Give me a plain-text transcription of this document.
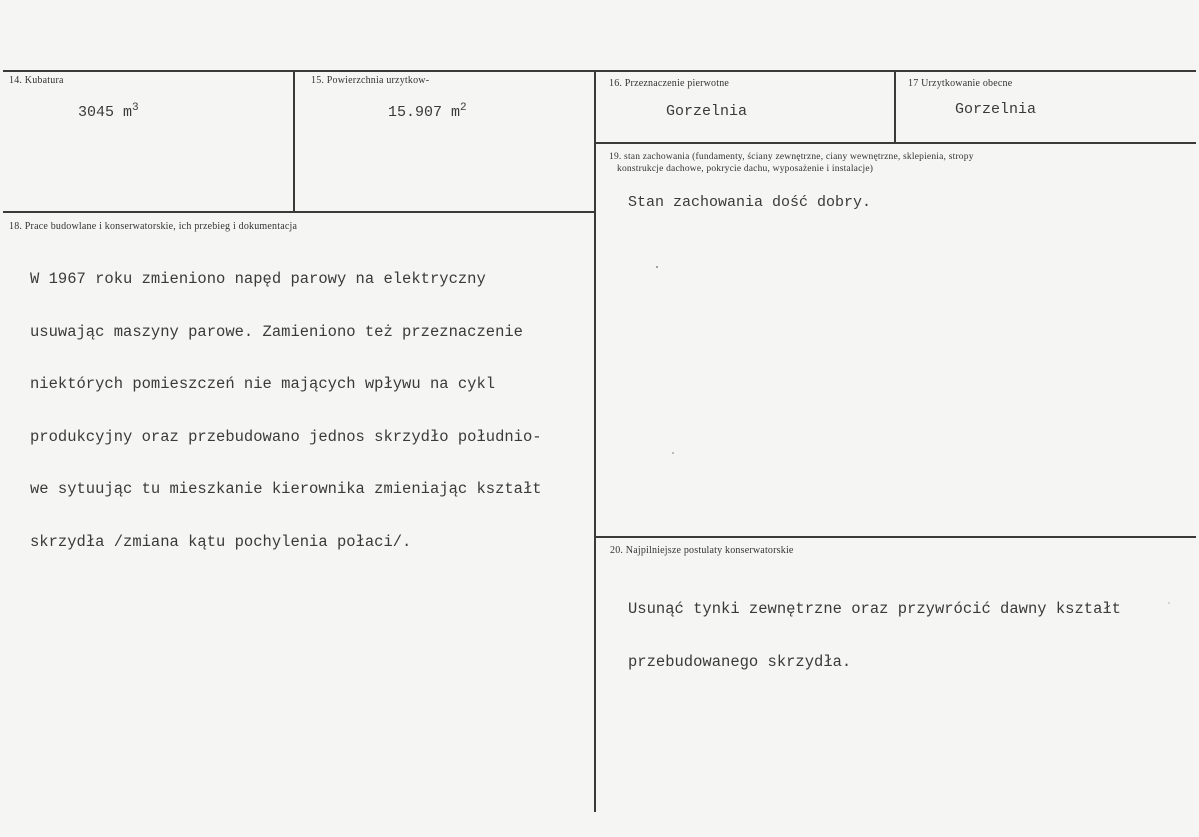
14. Kubatura
3045 $m^3$
15. Powierzchnia urzytkow-
15.907 $m^2$
16. Przeznaczenie pierwotne
Gorzelnia
17 Urzytkowanie obecne
Gorzelnia
19. stan zachowania (fundamenty, ściany zewnętrzne, ciany wewnętrzne, sklepienia, stropy
konstrukcje dachowe, pokrycie dachu, wyposażenie i instalacje)
Stan zachowania dość dobry.
18. Prace budowlane i konserwatorskie, ich przebieg i dokumentacja

W 1967 roku zmieniono napęd parowy na elektryczny

usuwając maszyny parowe. Zamieniono też przeznaczenie

niektórych pomieszczeń nie mających wpływu na cykl

produkcyjny oraz przebudowano jednos skrzydło południo-

we sytuując tu mieszkanie kierownika zmieniając kształt

skrzydła /zmiana kątu pochylenia połaci/.

	20. Najpilniejsze postulaty konserwatorskie

Usunąć tynki zewnętrzne oraz przywrócić dawny kształt

przebudowanego skrzydła.
